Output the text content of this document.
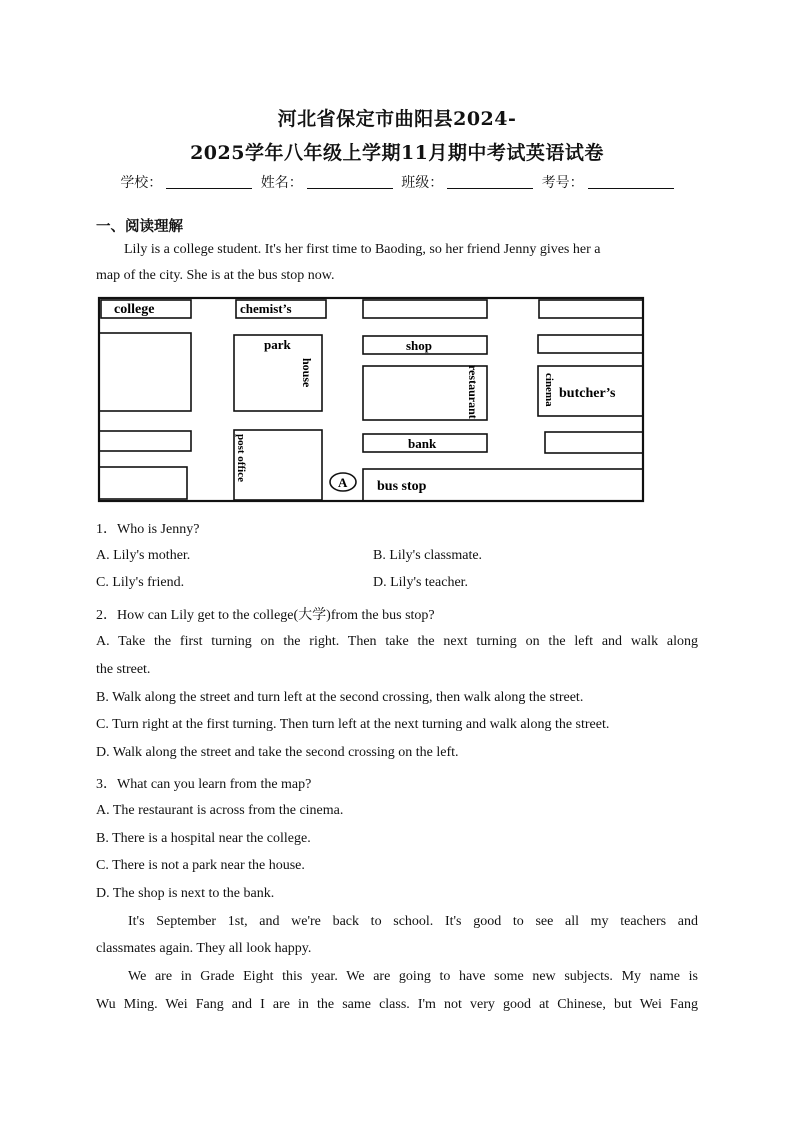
河北省保定市曲阳县2024-
2025学年八年级上学期11月期中考试英语试卷
学校：	姓名：	班级：	考号：
一、阅读理解
Lily is a college student. It's her first time to Baoding, so her friend Jenny gives her a
map of the city. She is at the bus stop now.
college	chemist’s
park
house
shop
restaurant	cinema butcher’s
bank
post office
A bus stop
1．Who is Jenny?
A. Lily's mother.	B. Lily's classmate.
C. Lily's friend.	D. Lily's teacher.
2．How can Lily get to the college(大学)from the bus stop?
A. Take the first turning on the right. Then take the next turning on the left and walk along
the street.
B. Walk along the street and turn left at the second crossing, then walk along the street.
C. Turn right at the first turning. Then turn left at the next turning and walk along the street.
D. Walk along the street and take the second crossing on the left.
3．What can you learn from the map?
A. The restaurant is across from the cinema.
B. There is a hospital near the college.
C. There is not a park near the house.
D. The shop is next to the bank.
It's September 1st, and we're back to school. It's good to see all my teachers and
classmates again. They all look happy.
We are in Grade Eight this year. We are going to have some new subjects. My name is
Wu Ming. Wei Fang and I are in the same class. I'm not very good at Chinese, but Wei Fang
